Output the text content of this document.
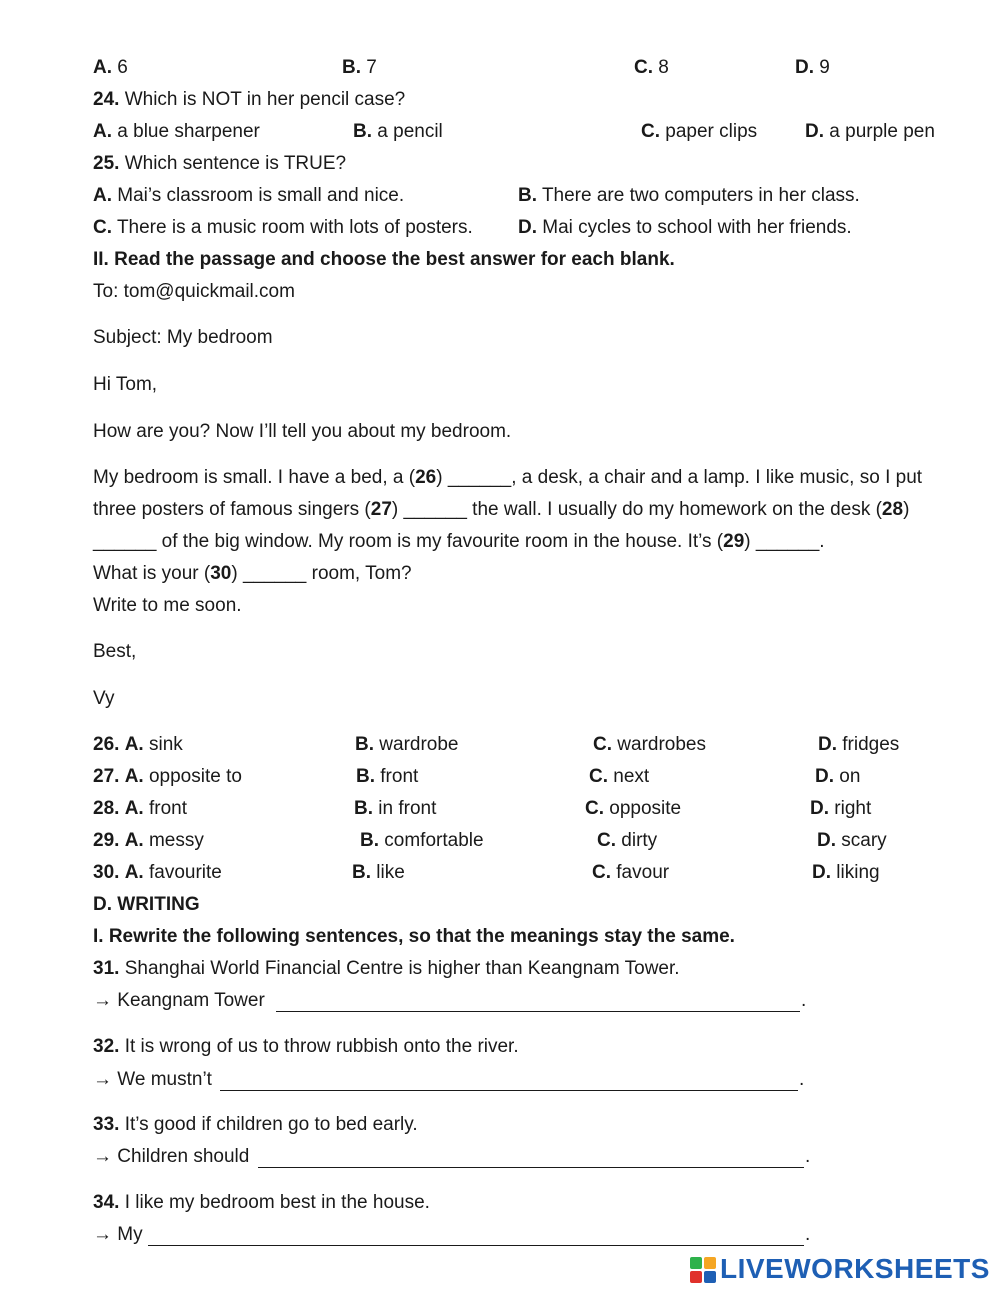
A. 6	B. 7	C. 8	D. 9
24. Which is NOT in her pencil case?
A. a blue sharpener	B. a pencil	C. paper clips	D. a purple pen
25. Which sentence is TRUE?
A. Mai’s classroom is small and nice.	B. There are two computers in her class.
C. There is a music room with lots of posters. D. Mai cycles to school with her friends.
II. Read the passage and choose the best answer for each blank.
To: tom@quickmail.com
Subject: My bedroom
Hi Tom,
How are you? Now I’ll tell you about my bedroom.
My bedroom is small. I have a bed, a (26) ______, a desk, a chair and a lamp. I like music, so I put
three posters of famous singers (27) ______ the wall. I usually do my homework on the desk (28)
______ of the big window. My room is my favourite room in the house. It’s (29) ______.
What is your (30) ______ room, Tom?
Write to me soon.
Best,
Vy
26. A. sink	B. wardrobe	C. wardrobes	D. fridges
27. A. opposite to	B. front	C. next	D. on
28. A. front	B. in front	C. opposite	D. right
29. A. messy	B. comfortable	C. dirty	D. scary
30. A. favourite	B. like	C. favour	D. liking
D. WRITING
I. Rewrite the following sentences, so that the meanings stay the same.
31. Shanghai World Financial Centre is higher than Keangnam Tower.
→ Keangnam Tower	.
32. It is wrong of us to throw rubbish onto the river.
→ We mustn’t	.
33. It’s good if children go to bed early.
→ Children should	.
34. I like my bedroom best in the house.
→ My	.
LIVEWORKSHEETS
